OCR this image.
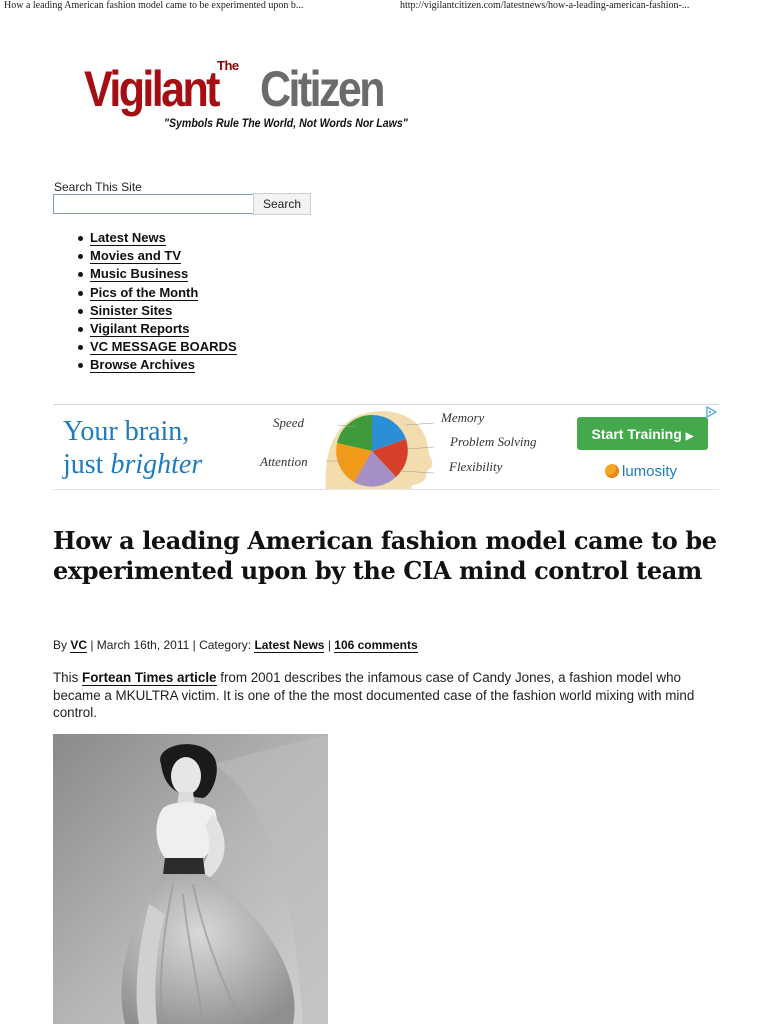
How a leading American fashion model came to be experimented upon b...	http://vigilantcitizen.com/latestnews/how-a-leading-american-fashion-...
The
Vigilant Citizen
"Symbols Rule The World, Not Words Nor Laws"
Search This Site
Search
Latest News
Movies and TV
Music Business
Pics of the Month
Sinister Sites
Vigilant Reports
VC MESSAGE BOARDS
Browse Archives
Your brain,
just brighter
Speed
Attention
Memory
Problem Solving
Flexibility
Start Training ▶
lumosity
How a leading American fashion model came to be experimented upon by the CIA mind control team
By VC | March 16th, 2011 | Category: Latest News | 106 comments

This Fortean Times article from 2001 describes the infamous case of Candy Jones, a fashion model who became a MKULTRA victim. It is one of the the most documented case of the fashion world mixing with mind control.
